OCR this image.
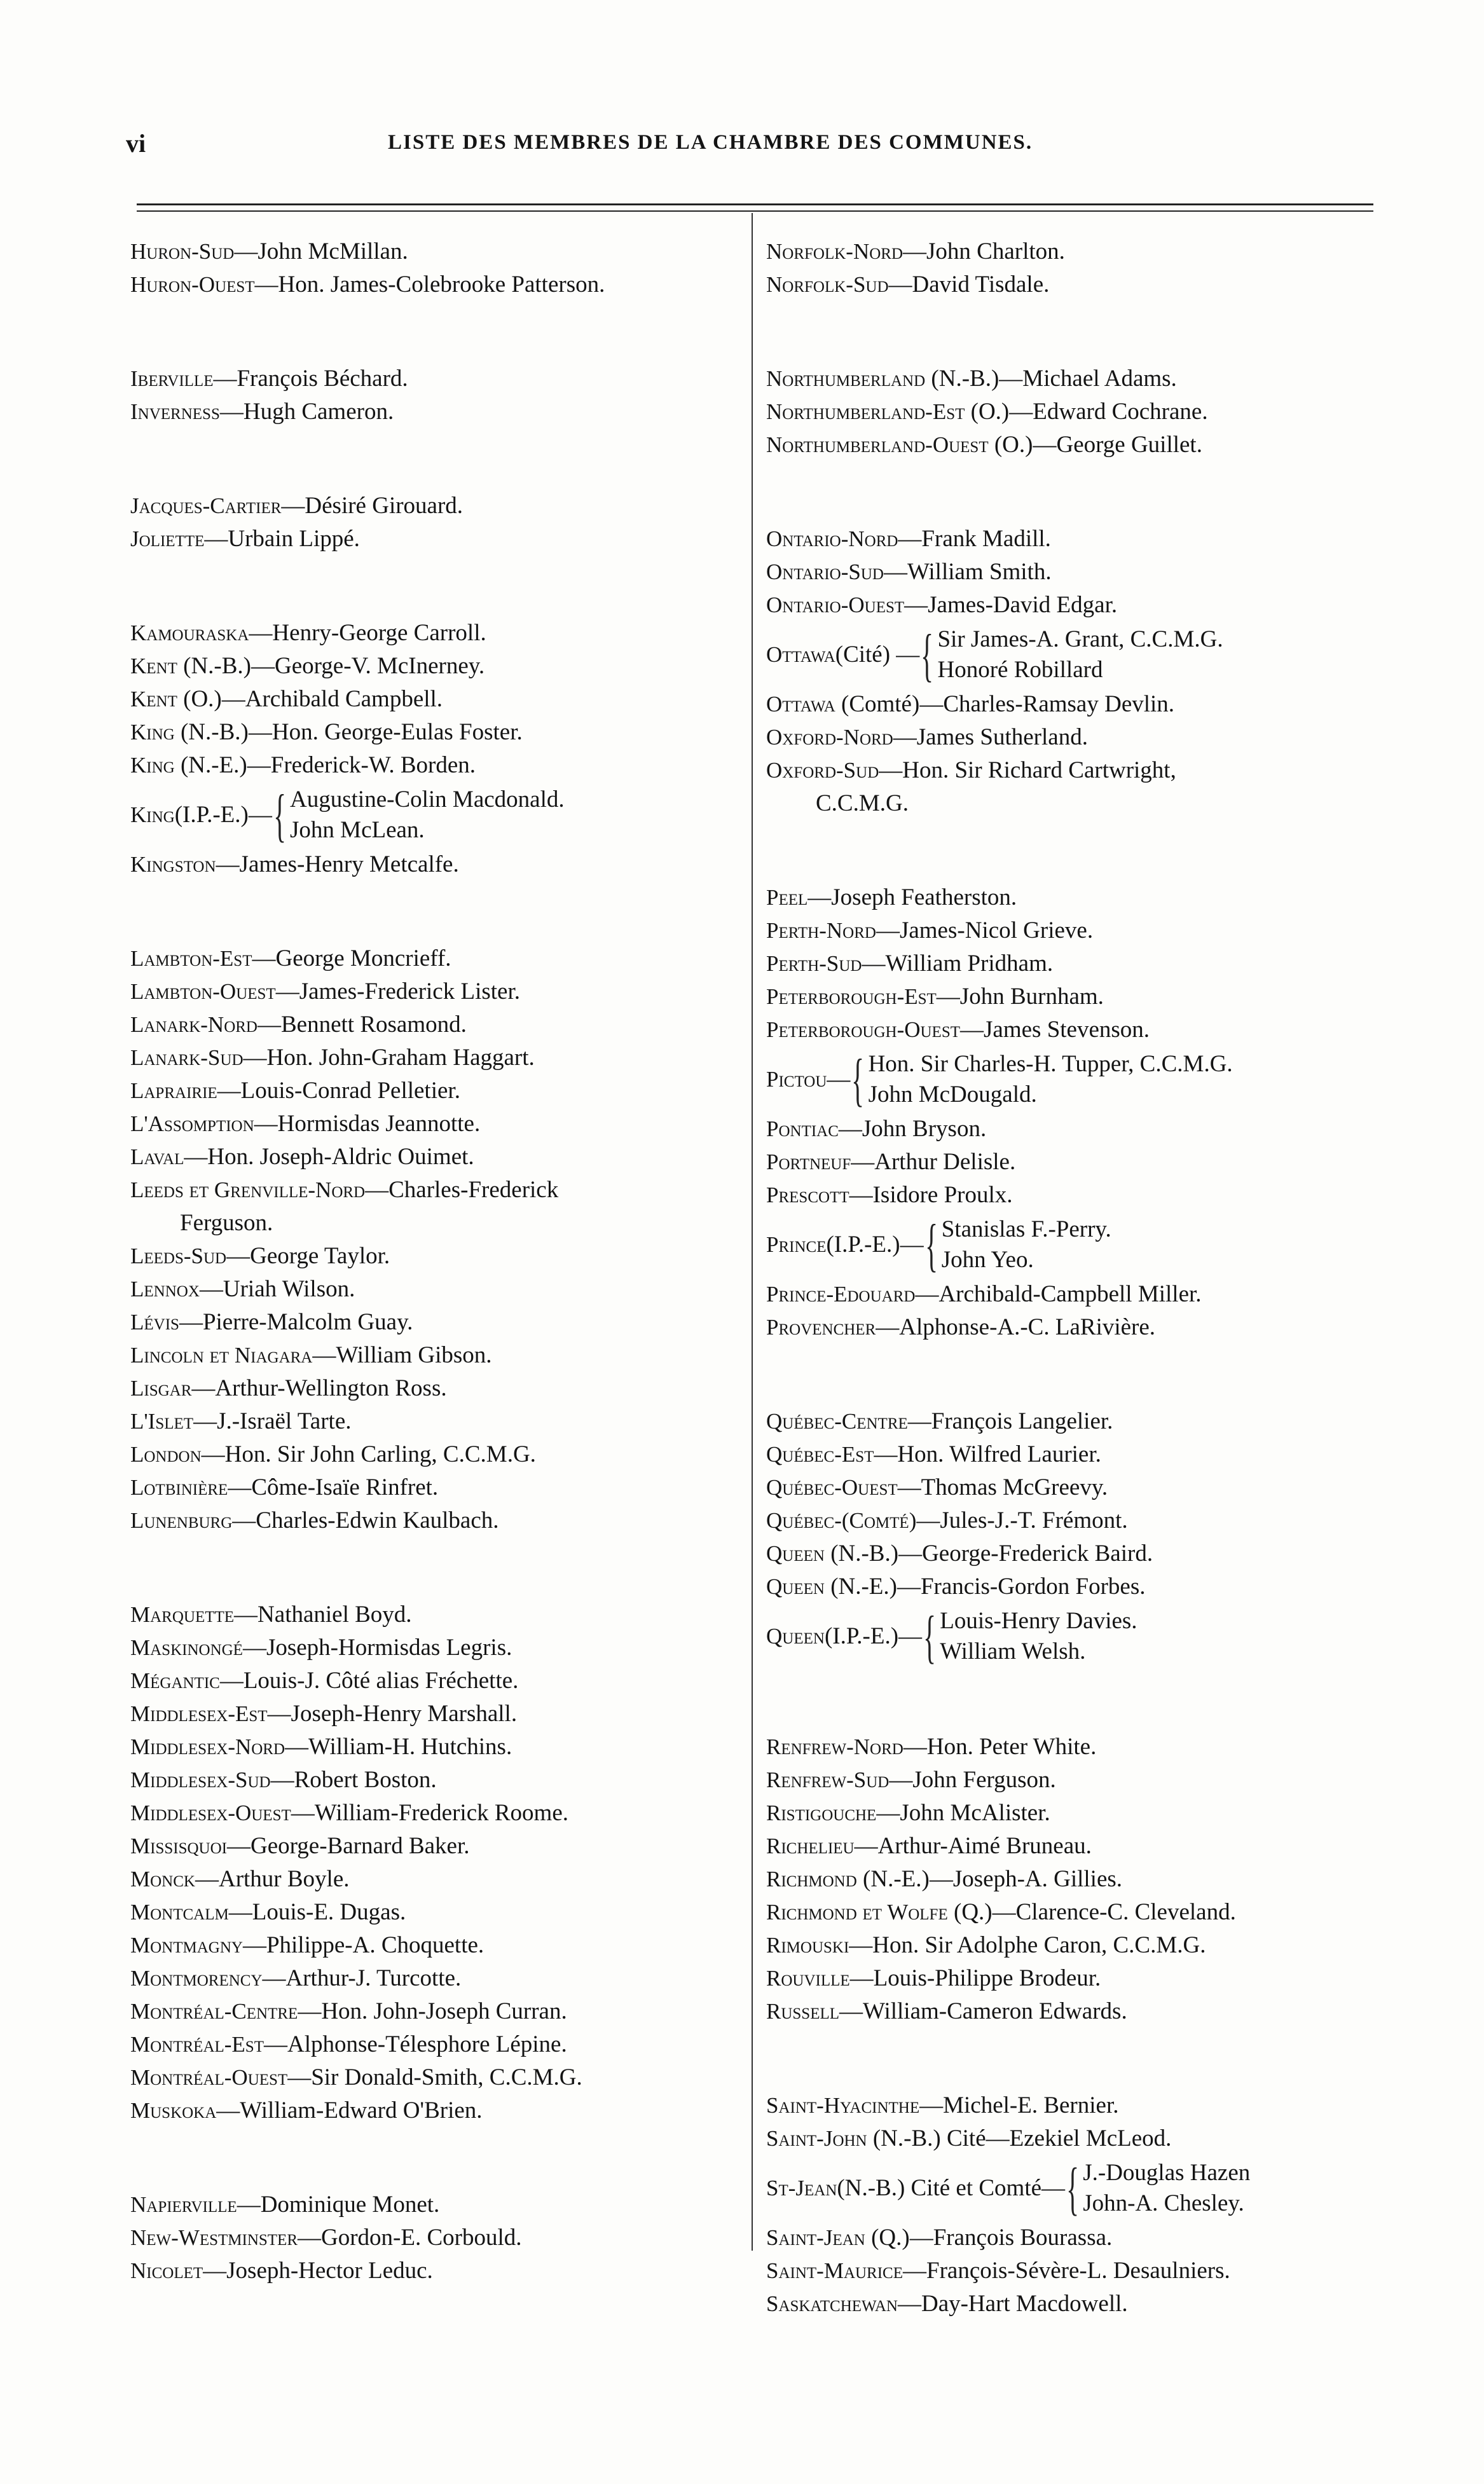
vi	LISTE DES MEMBRES DE LA CHAMBRE DES COMMUNES.
Huron-Sud—John McMillan.
Huron-Ouest—Hon. James-Colebrooke Patterson.
Iberville—François Béchard.
Inverness—Hugh Cameron.
Jacques-Cartier—Désiré Girouard.
Joliette—Urbain Lippé.
Kamouraska—Henry-George Carroll.
Kent (N.-B.)—George-V. McInerney.
Kent (O.)—Archibald Campbell.
King (N.-B.)—Hon. George-Eulas Foster.
King (N.-E.)—Frederick-W. Borden.
King (I.P.-E.)— { Augustine-Colin Macdonald.
John McLean.
Kingston—James-Henry Metcalfe.
Lambton-Est—George Moncrieff.
Lambton-Ouest—James-Frederick Lister.
Lanark-Nord—Bennett Rosamond.
Lanark-Sud—Hon. John-Graham Haggart.
Laprairie—Louis-Conrad Pelletier.
L'Assomption—Hormisdas Jeannotte.
Laval—Hon. Joseph-Aldric Ouimet.
Leeds et Grenville-Nord—Charles-Frederick
Ferguson.
Leeds-Sud—George Taylor.
Lennox—Uriah Wilson.
Lévis—Pierre-Malcolm Guay.
Lincoln et Niagara—William Gibson.
Lisgar—Arthur-Wellington Ross.
L'Islet—J.-Israël Tarte.
London—Hon. Sir John Carling, C.C.M.G.
Lotbinière—Côme-Isaïe Rinfret.
Lunenburg—Charles-Edwin Kaulbach.
Marquette—Nathaniel Boyd.
Maskinongé—Joseph-Hormisdas Legris.
Mégantic—Louis-J. Côté alias Fréchette.
Middlesex-Est—Joseph-Henry Marshall.
Middlesex-Nord—William-H. Hutchins.
Middlesex-Sud—Robert Boston.
Middlesex-Ouest—William-Frederick Roome.
Missisquoi—George-Barnard Baker.
Monck—Arthur Boyle.
Montcalm—Louis-E. Dugas.
Montmagny—Philippe-A. Choquette.
Montmorency—Arthur-J. Turcotte.
Montréal-Centre—Hon. John-Joseph Curran.
Montréal-Est—Alphonse-Télesphore Lépine.
Montréal-Ouest—Sir Donald-Smith, C.C.M.G.
Muskoka—William-Edward O'Brien.
Napierville—Dominique Monet.
New-Westminster—Gordon-E. Corbould.
Nicolet—Joseph-Hector Leduc.
Norfolk-Nord—John Charlton.
Norfolk-Sud—David Tisdale.
Northumberland (N.-B.)—Michael Adams.
Northumberland-Est (O.)—Edward Cochrane.
Northumberland-Ouest (O.)—George Guillet.
Ontario-Nord—Frank Madill.
Ontario-Sud—William Smith.
Ontario-Ouest—James-David Edgar.
Ottawa (Cité) — { Sir James-A. Grant, C.C.M.G.
Honoré Robillard
Ottawa (Comté)—Charles-Ramsay Devlin.
Oxford-Nord—James Sutherland.
Oxford-Sud—Hon. Sir Richard Cartwright,
C.C.M.G.
Peel—Joseph Featherston.
Perth-Nord—James-Nicol Grieve.
Perth-Sud—William Pridham.
Peterborough-Est—John Burnham.
Peterborough-Ouest—James Stevenson.
Pictou — { Hon. Sir Charles-H. Tupper, C.C.M.G.
John McDougald.
Pontiac—John Bryson.
Portneuf—Arthur Delisle.
Prescott—Isidore Proulx.
Prince (I.P.-E.)— { Stanislas F.-Perry.
John Yeo.
Prince-Edouard—Archibald-Campbell Miller.
Provencher—Alphonse-A.-C. LaRivière.
Québec-Centre—François Langelier.
Québec-Est—Hon. Wilfred Laurier.
Québec-Ouest—Thomas McGreevy.
Québec-(Comté)—Jules-J.-T. Frémont.
Queen (N.-B.)—George-Frederick Baird.
Queen (N.-E.)—Francis-Gordon Forbes.
Queen (I.P.-E.)— { Louis-Henry Davies.
William Welsh.
Renfrew-Nord—Hon. Peter White.
Renfrew-Sud—John Ferguson.
Ristigouche—John McAlister.
Richelieu—Arthur-Aimé Bruneau.
Richmond (N.-E.)—Joseph-A. Gillies.
Richmond et Wolfe (Q.)—Clarence-C. Cleveland.
Rimouski—Hon. Sir Adolphe Caron, C.C.M.G.
Rouville—Louis-Philippe Brodeur.
Russell—William-Cameron Edwards.
Saint-Hyacinthe—Michel-E. Bernier.
Saint-John (N.-B.) Cité—Ezekiel McLeod.
St-Jean (N.-B.) Cité et Comté— { J.-Douglas Hazen
John-A. Chesley.
Saint-Jean (Q.)—François Bourassa.
Saint-Maurice—François-Sévère-L. Desaulniers.
Saskatchewan—Day-Hart Macdowell.
